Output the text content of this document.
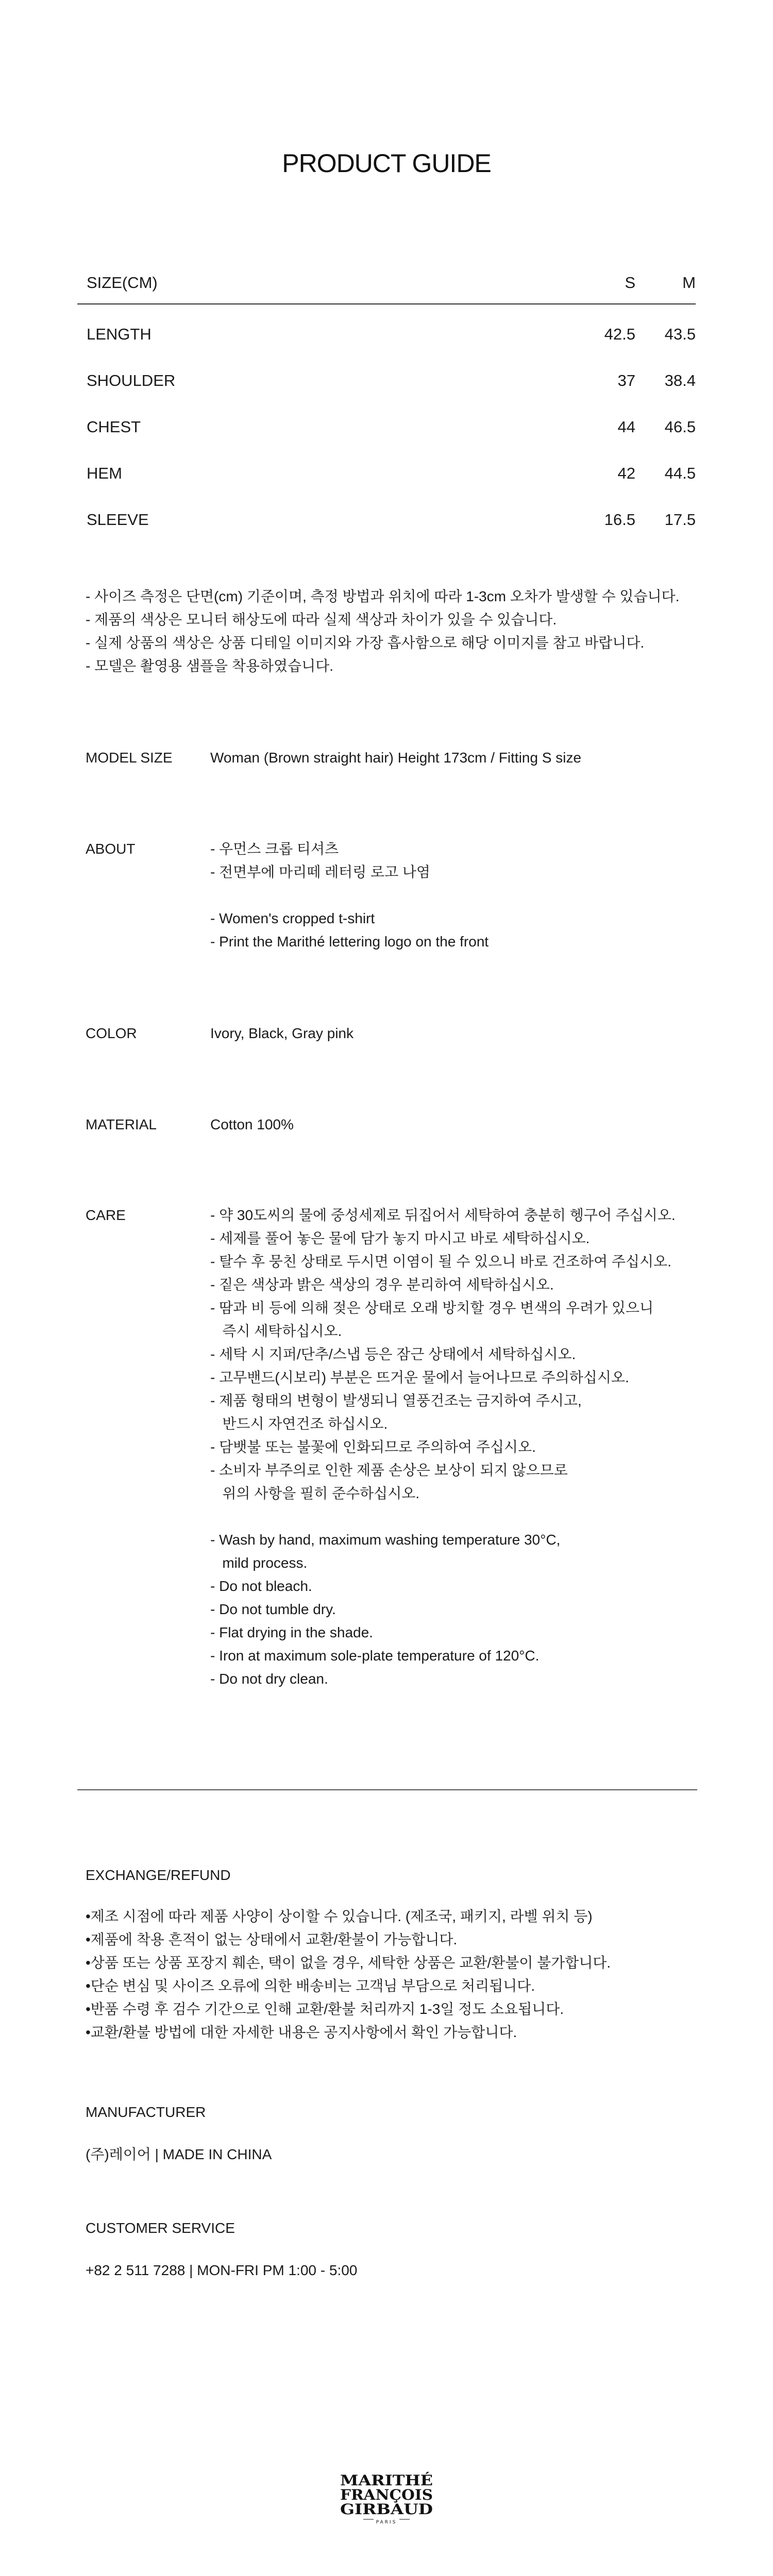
PRODUCT GUIDE
SIZE(CM)	S	M
LENGTH	42.5 43.5
SHOULDER	37 38.4
CHEST	44 46.5
HEM	42 44.5
SLEEVE	16.5 17.5
- 사이즈 측정은 단면(cm) 기준이며, 측정 방법과 위치에 따라 1-3cm 오차가 발생할 수 있습니다.
- 제품의 색상은 모니터 해상도에 따라 실제 색상과 차이가 있을 수 있습니다.
- 실제 상품의 색상은 상품 디테일 이미지와 가장 흡사함으로 해당 이미지를 참고 바랍니다.
- 모델은 촬영용 샘플을 착용하였습니다.
MODEL SIZE	Woman (Brown straight hair) Height 173cm / Fitting S size
ABOUT	- 우먼스 크롭 티셔츠
- 전면부에 마리떼 레터링 로고 나염
- Women's cropped t-shirt
- Print the Marithé lettering logo on the front
COLOR	Ivory, Black, Gray pink
MATERIAL	Cotton 100%
CARE	- 약 30도씨의 물에 중성세제로 뒤집어서 세탁하여 충분히 헹구어 주십시오.
- 세제를 풀어 놓은 물에 담가 놓지 마시고 바로 세탁하십시오.
- 탈수 후 뭉친 상태로 두시면 이염이 될 수 있으니 바로 건조하여 주십시오.
- 짙은 색상과 밝은 색상의 경우 분리하여 세탁하십시오.
- 땀과 비 등에 의해 젖은 상태로 오래 방치할 경우 변색의 우려가 있으니
즉시 세탁하십시오.
- 세탁 시 지퍼/단추/스냅 등은 잠근 상태에서 세탁하십시오.
- 고무밴드(시보리) 부분은 뜨거운 물에서 늘어나므로 주의하십시오.
- 제품 형태의 변형이 발생되니 열풍건조는 금지하여 주시고,
반드시 자연건조 하십시오.
- 담뱃불 또는 불꽃에 인화되므로 주의하여 주십시오.
- 소비자 부주의로 인한 제품 손상은 보상이 되지 않으므로
위의 사항을 필히 준수하십시오.
- Wash by hand, maximum washing temperature 30°C,
mild process.
- Do not bleach.
- Do not tumble dry.
- Flat drying in the shade.
- Iron at maximum sole-plate temperature of 120°C.
- Do not dry clean.
EXCHANGE/REFUND
•제조 시점에 따라 제품 사양이 상이할 수 있습니다. (제조국, 패키지, 라벨 위치 등)
•제품에 착용 흔적이 없는 상태에서 교환/환불이 가능합니다.
•상품 또는 상품 포장지 훼손, 택이 없을 경우, 세탁한 상품은 교환/환불이 불가합니다.
•단순 변심 및 사이즈 오류에 의한 배송비는 고객님 부담으로 처리됩니다.
•반품 수령 후 검수 기간으로 인해 교환/환불 처리까지 1-3일 정도 소요됩니다.
•교환/환불 방법에 대한 자세한 내용은 공지사항에서 확인 가능합니다.
MANUFACTURER
(주)레이어 | MADE IN CHINA
CUSTOMER SERVICE
+82 2 511 7288 | MON-FRI PM 1:00 - 5:00
MARITHÉ
FRANÇOIS
GIRBAUD
PARIS
